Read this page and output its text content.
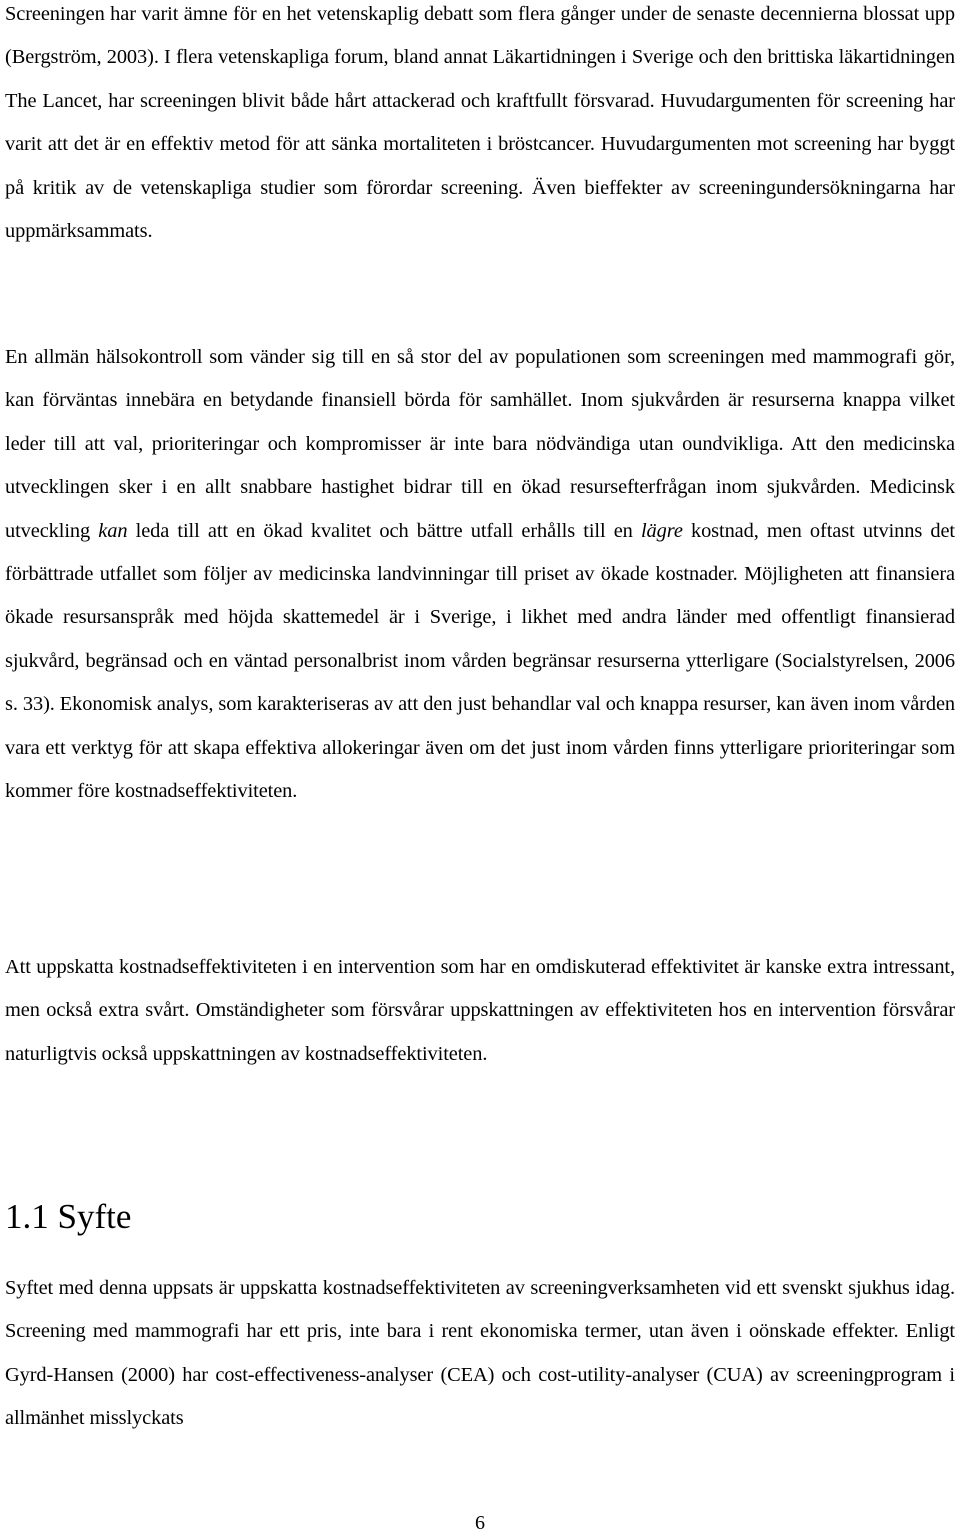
Screeningen har varit ämne för en het vetenskaplig debatt som flera gånger under de senaste decennierna blossat upp (Bergström, 2003). I flera vetenskapliga forum, bland annat Läkartidningen i Sverige och den brittiska läkartidningen The Lancet, har screeningen blivit både hårt attackerad och kraftfullt försvarad. Huvudargumenten för screening har varit att det är en effektiv metod för att sänka mortaliteten i bröstcancer. Huvudargumenten mot screening har byggt på kritik av de vetenskapliga studier som förordar screening. Även bieffekter av screeningundersökningarna har uppmärksammats.

En allmän hälsokontroll som vänder sig till en så stor del av populationen som screeningen med mammografi gör, kan förväntas innebära en betydande finansiell börda för samhället. Inom sjukvården är resurserna knappa vilket leder till att val, prioriteringar och kompromisser är inte bara nödvändiga utan oundvikliga. Att den medicinska utvecklingen sker i en allt snabbare hastighet bidrar till en ökad resursefterfrågan inom sjukvården. Medicinsk utveckling kan leda till att en ökad kvalitet och bättre utfall erhålls till en lägre kostnad, men oftast utvinns det förbättrade utfallet som följer av medicinska landvinningar till priset av ökade kostnader. Möjligheten att finansiera ökade resursanspråk med höjda skattemedel är i Sverige, i likhet med andra länder med offentligt finansierad sjukvård, begränsad och en väntad personalbrist inom vården begränsar resurserna ytterligare (Socialstyrelsen, 2006 s. 33). Ekonomisk analys, som karakteriseras av att den just behandlar val och knappa resurser, kan även inom vården vara ett verktyg för att skapa effektiva allokeringar även om det just inom vården finns ytterligare prioriteringar som kommer före kostnadseffektiviteten.

Att uppskatta kostnadseffektiviteten i en intervention som har en omdiskuterad effektivitet är kanske extra intressant, men också extra svårt. Omständigheter som försvårar uppskattningen av effektiviteten hos en intervention försvårar naturligtvis också uppskattningen av kostnadseffektiviteten.

1.1 Syfte

Syftet med denna uppsats är uppskatta kostnadseffektiviteten av screeningverksamheten vid ett svenskt sjukhus idag. Screening med mammografi har ett pris, inte bara i rent ekonomiska termer, utan även i oönskade effekter. Enligt Gyrd-Hansen (2000) har cost-effectiveness-analyser (CEA) och cost-utility-analyser (CUA) av screeningprogram i allmänhet misslyckats

6
